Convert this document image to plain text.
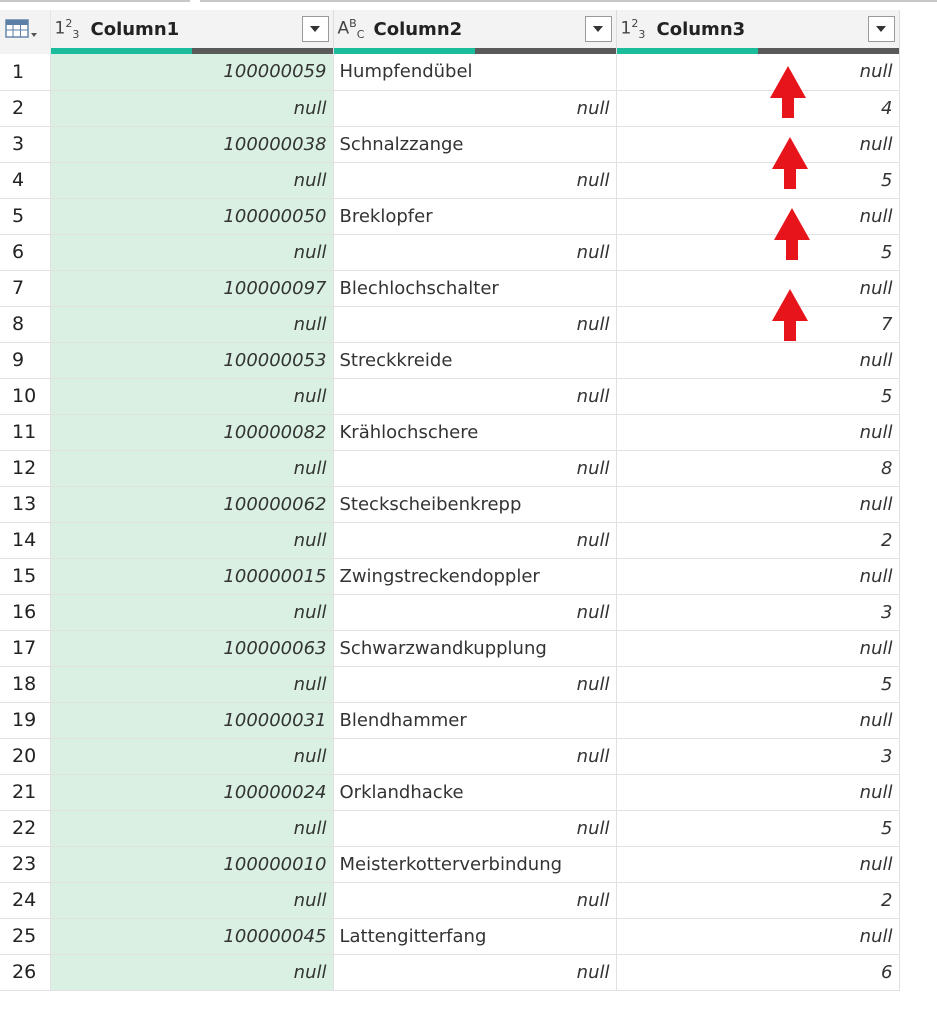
$1^2_3$ Column1	$A^B_C$ Column2	$1^2_3$ Column3

1	100000059	Humpfendübel	null
2	null	null	4
3	100000038	Schnalzzange	null
4	null	null	5
5	100000050	Breklopfer	null
6	null	null	5
7	100000097	Blechlochschalter	null
8	null	null	7
9	100000053	Streckkreide	null
10	null	null	5
11	100000082	Krählochschere	null
12	null	null	8
13	100000062	Steckscheibenkrepp	null
14	null	null	2
15	100000015	Zwingstreckendoppler	null
16	null	null	3
17	100000063	Schwarzwandkupplung	null
18	null	null	5
19	100000031	Blendhammer	null
20	null	null	3
21	100000024	Orklandhacke	null
22	null	null	5
23	100000010	Meisterkotterverbindung	null
24	null	null	2
25	100000045	Lattengitterfang	null
26	null	null	6
